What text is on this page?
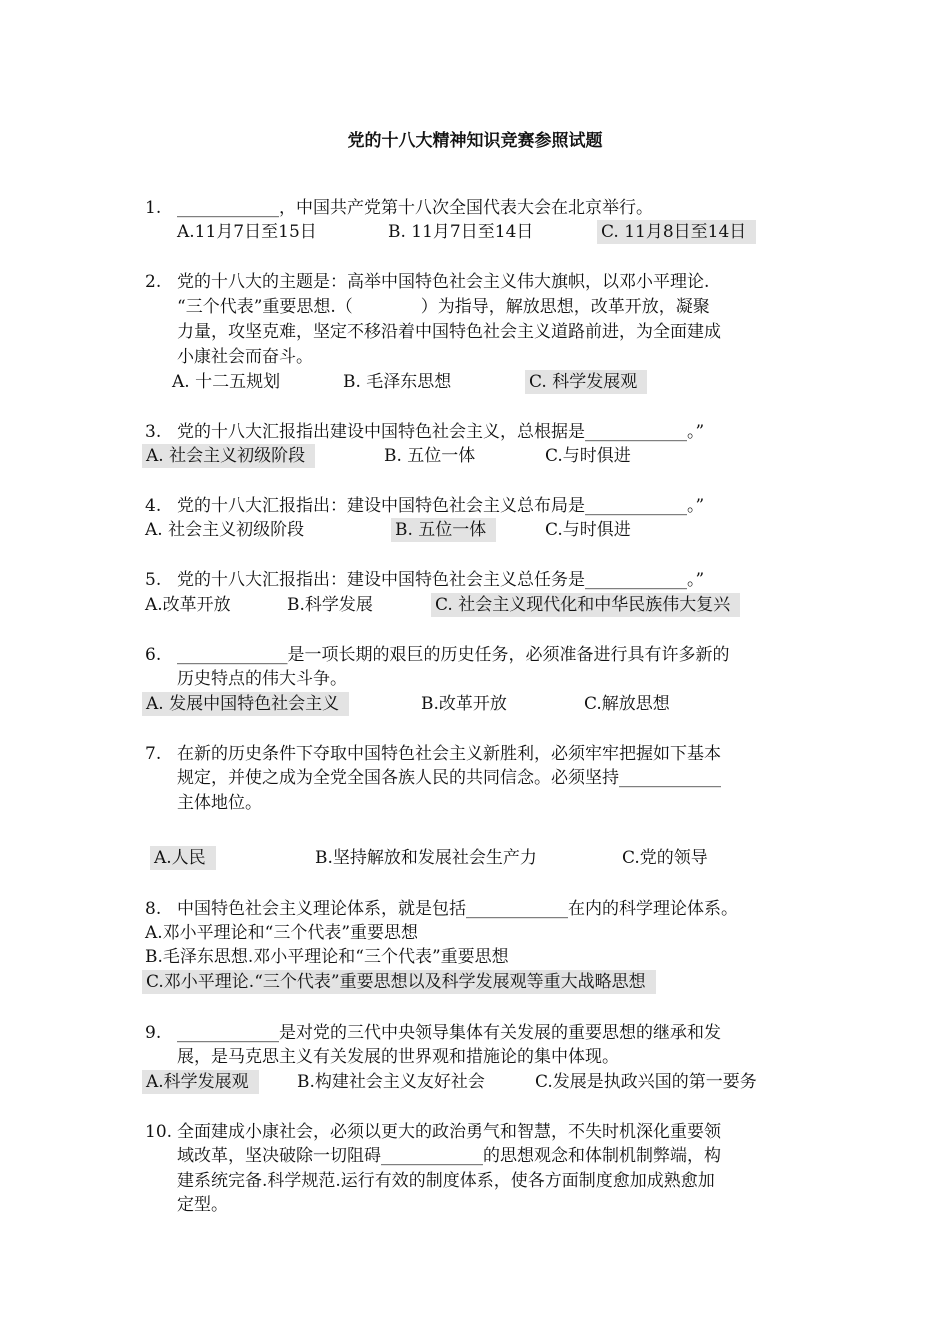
党的十八大精神知识竞赛参照试题
1. ____________，中国共产党第十八次全国代表大会在北京举行。
A.11月7日至15日	B. 11月7日至14日	C. 11月8日至14日
2. 党的十八大的主题是：高举中国特色社会主义伟大旗帜，以邓小平理论.
“三个代表”重要思想.（　　　　）为指导，解放思想，改革开放，凝聚
力量，攻坚克难，坚定不移沿着中国特色社会主义道路前进，为全面建成
小康社会而奋斗。
A. 十二五规划	B. 毛泽东思想	C. 科学发展观
3. 党的十八大汇报指出建设中国特色社会主义，总根据是____________。”
A. 社会主义初级阶段	B. 五位一体	C.与时俱进
4. 党的十八大汇报指出：建设中国特色社会主义总布局是____________。”
A. 社会主义初级阶段	B. 五位一体	C.与时俱进
5. 党的十八大汇报指出：建设中国特色社会主义总任务是____________。”
A.改革开放	B.科学发展	C. 社会主义现代化和中华民族伟大复兴
6. _____________是一项长期的艰巨的历史任务，必须准备进行具有许多新的
历史特点的伟大斗争。
A. 发展中国特色社会主义	B.改革开放	C.解放思想
7. 在新的历史条件下夺取中国特色社会主义新胜利，必须牢牢把握如下基本
规定，并使之成为全党全国各族人民的共同信念。必须坚持____________
主体地位。
A.人民	B.坚持解放和发展社会生产力	C.党的领导
8. 中国特色社会主义理论体系，就是包括____________在内的科学理论体系。
A.邓小平理论和“三个代表”重要思想
B.毛泽东思想.邓小平理论和“三个代表”重要思想
C.邓小平理论.“三个代表”重要思想以及科学发展观等重大战略思想
9. ____________是对党的三代中央领导集体有关发展的重要思想的继承和发
展，是马克思主义有关发展的世界观和措施论的集中体现。
A.科学发展观	B.构建社会主义友好社会	C.发展是执政兴国的第一要务
10. 全面建成小康社会，必须以更大的政治勇气和智慧，不失时机深化重要领
域改革，坚决破除一切阻碍____________的思想观念和体制机制弊端，构
建系统完备.科学规范.运行有效的制度体系，使各方面制度愈加成熟愈加
定型。
